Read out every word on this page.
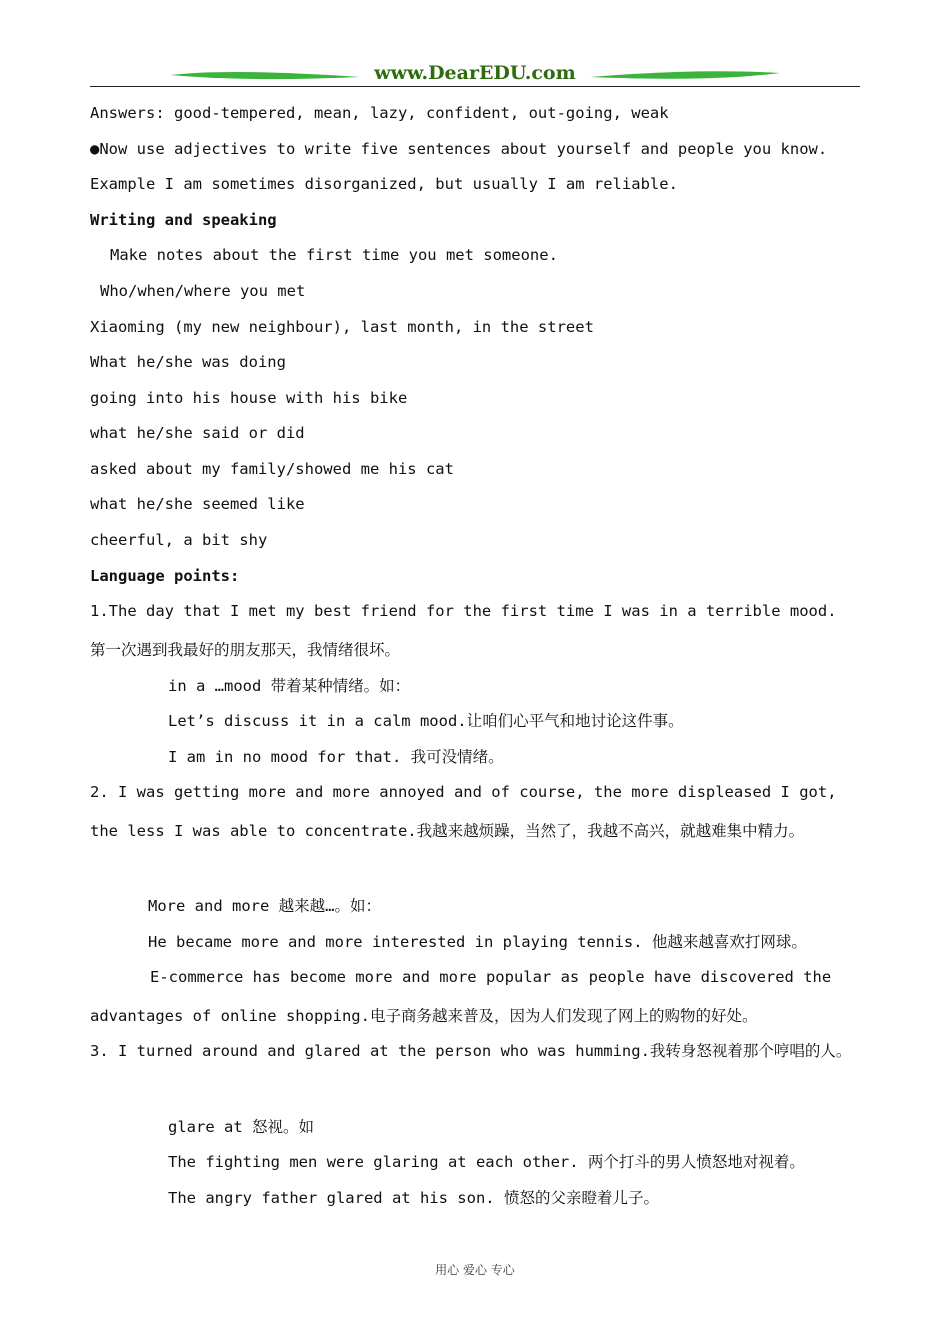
www.DearEDU.com
Answers: good-tempered, mean, lazy, confident, out-going, weak
●Now use adjectives to write five sentences about yourself and people you know.
Example I am sometimes disorganized, but usually I am reliable.
Writing and speaking
Make notes about the first time you met someone.
Who/when/where you met
Xiaoming (my new neighbour), last month, in the street
What he/she was doing
going into his house with his bike
what he/she said or did
asked about my family/showed me his cat
what he/she seemed like
cheerful, a bit shy
Language points:
1.The day that I met my best friend for the first time I was in a terrible mood.
第一次遇到我最好的朋友那天，我情绪很坏。
in a …mood 带着某种情绪。如：
Let’s discuss it in a calm mood.让咱们心平气和地讨论这件事。
I am in no mood for that. 我可没情绪。
2. I was getting more and more annoyed and of course, the more displeased I got, the less I was able to concentrate.我越来越烦躁，当然了，我越不高兴，就越难集中精力。
More and more 越来越…。如：
He became more and more interested in playing tennis. 他越来越喜欢打网球。
E-commerce has become more and more popular as people have discovered the advantages of online shopping.电子商务越来普及，因为人们发现了网上的购物的好处。
3. I turned around and glared at the person who was humming.我转身怒视着那个哼唱的人。
glare at 怒视。如
The fighting men were glaring at each other. 两个打斗的男人愤怒地对视着。
The angry father glared at his son. 愤怒的父亲瞪着儿子。
用心 爱心 专心
